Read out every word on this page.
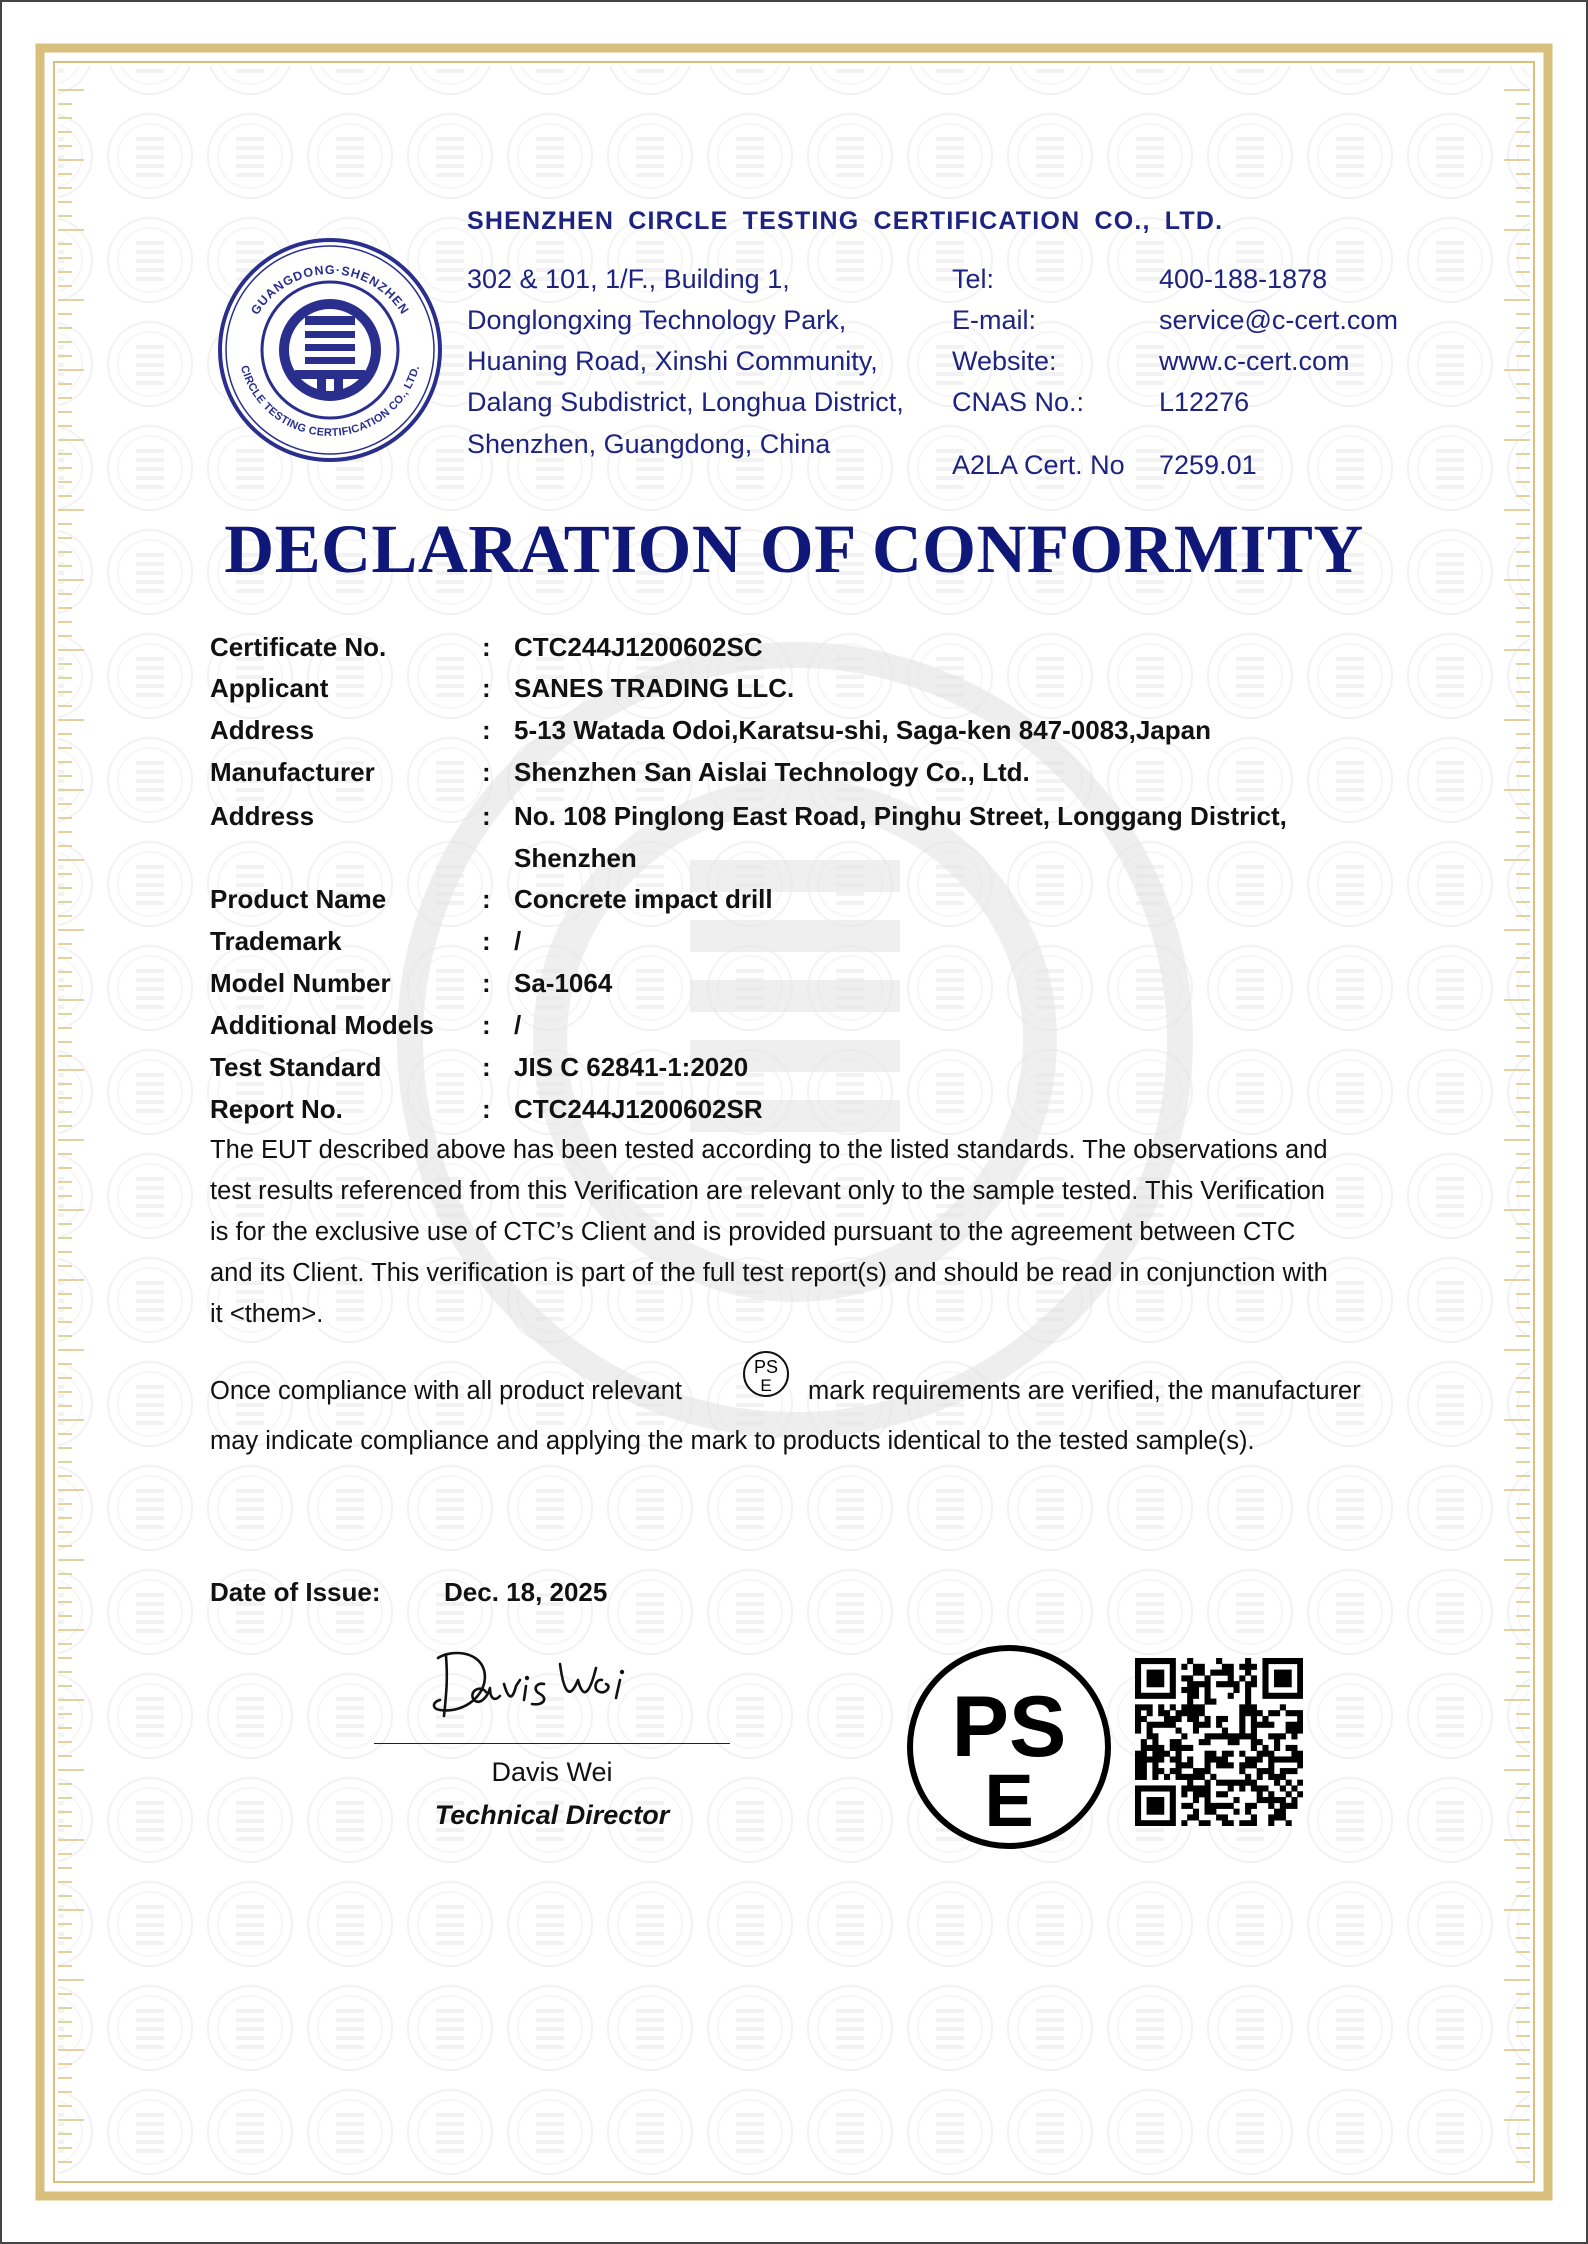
GUANGDONG·SHENZHEN
CIRCLE TESTING CERTIFICATION CO., LTD.
SHENZHEN CIRCLE TESTING CERTIFICATION CO., LTD.
302 & 101, 1/F., Building 1,
Donglongxing Technology Park,
Huaning Road, Xinshi Community,
Dalang Subdistrict, Longhua District,
Shenzhen, Guangdong, China
Tel:	400-188-1878
E-mail:	service@c-cert.com
Website:	www.c-cert.com
CNAS No.:	L12276
A2LA Cert. No 7259.01
DECLARATION OF CONFORMITY
Certificate No.	: CTC244J1200602SC
Applicant	: SANES TRADING LLC.
Address	: 5-13 Watada Odoi,Karatsu-shi, Saga-ken 847-0083,Japan
Manufacturer	: Shenzhen San Aislai Technology Co., Ltd.
Address	: No. 108 Pinglong East Road, Pinghu Street, Longgang District,
Shenzhen
Product Name	: Concrete impact drill
Trademark	: /
Model Number	: Sa-1064
Additional Models : /
Test Standard	: JIS C 62841-1:2020
Report No.	: CTC244J1200602SR
The EUT described above has been tested according to the listed standards. The observations and
test results referenced from this Verification are relevant only to the sample tested. This Verification
is for the exclusive use of CTC’s Client and is provided pursuant to the agreement between CTC
and its Client. This verification is part of the full test report(s) and should be read in conjunction with
it <them>.
Once compliance with all product relevant
PS
E mark requirements are verified, the manufacturer
may indicate compliance and applying the mark to products identical to the tested sample(s).
Date of Issue: Dec. 18, 2025
Davis Wei
Technical Director
PS
E
